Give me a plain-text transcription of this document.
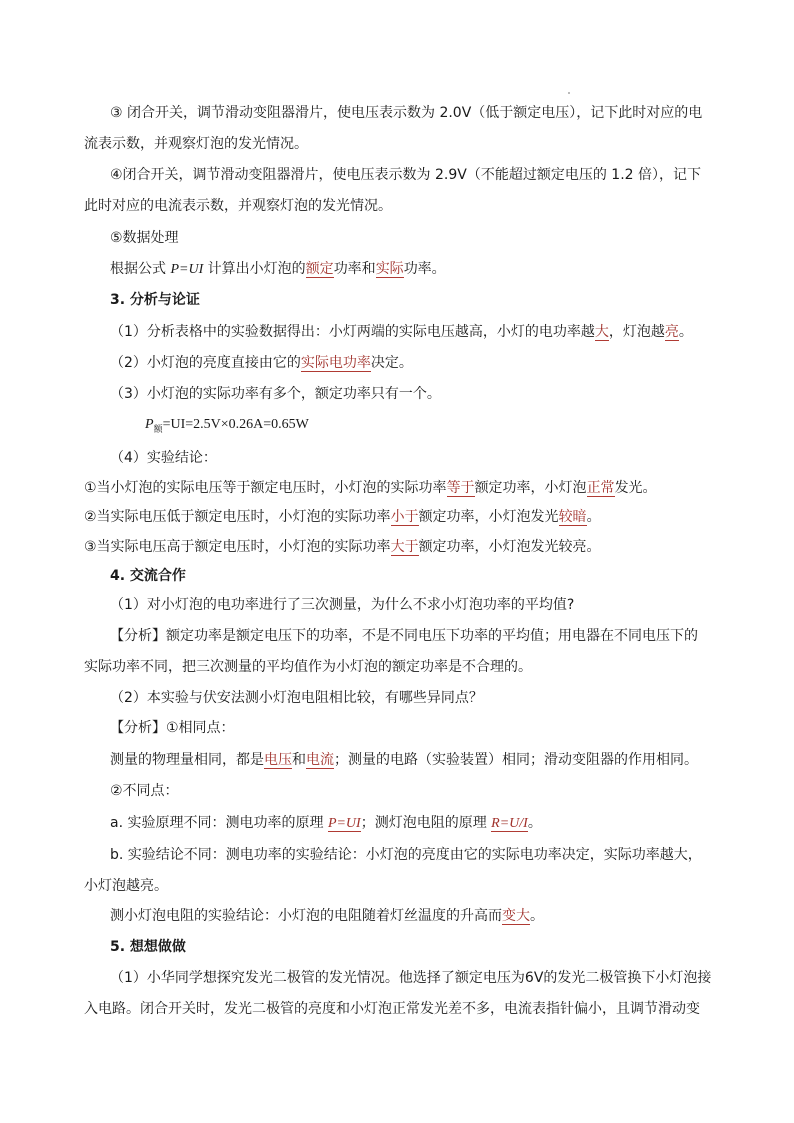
③ 闭合开关，调节滑动变阻器滑片，使电压表示数为 2.0V（低于额定电压），记下此时对应的电
流表示数，并观察灯泡的发光情况。
④闭合开关，调节滑动变阻器滑片，使电压表示数为 2.9V（不能超过额定电压的 1.2 倍），记下
此时对应的电流表示数，并观察灯泡的发光情况。
⑤数据处理
根据公式 P=UI 计算出小灯泡的额定功率和实际功率。
3. 分析与论证
（1）分析表格中的实验数据得出：小灯两端的实际电压越高，小灯的电功率越大，灯泡越亮。
（2）小灯泡的亮度直接由它的实际电功率决定。
（3）小灯泡的实际功率有多个，额定功率只有一个。
$P_额=UI=2.5V\times 0.26A=0.65W$
（4）实验结论：
①当小灯泡的实际电压等于额定电压时，小灯泡的实际功率等于额定功率，小灯泡正常发光。
②当实际电压低于额定电压时，小灯泡的实际功率小于额定功率，小灯泡发光较暗。
③当实际电压高于额定电压时，小灯泡的实际功率大于额定功率，小灯泡发光较亮。
4. 交流合作
（1）对小灯泡的电功率进行了三次测量，为什么不求小灯泡功率的平均值?
【分析】额定功率是额定电压下的功率，不是不同电压下功率的平均值；用电器在不同电压下的
实际功率不同，把三次测量的平均值作为小灯泡的额定功率是不合理的。
（2）本实验与伏安法测小灯泡电阻相比较，有哪些异同点？
【分析】①相同点：
测量的物理量相同，都是电压和电流；测量的电路（实验装置）相同；滑动变阻器的作用相同。
②不同点：
a. 实验原理不同：测电功率的原理 P=UI；测灯泡电阻的原理 R=U/I。
b. 实验结论不同：测电功率的实验结论：小灯泡的亮度由它的实际电功率决定，实际功率越大，
小灯泡越亮。
测小灯泡电阻的实验结论：小灯泡的电阻随着灯丝温度的升高而变大。
5. 想想做做
（1）小华同学想探究发光二极管的发光情况。他选择了额定电压为6V的发光二极管换下小灯泡接
入电路。闭合开关时，发光二极管的亮度和小灯泡正常发光差不多，电流表指针偏小，且调节滑动变
